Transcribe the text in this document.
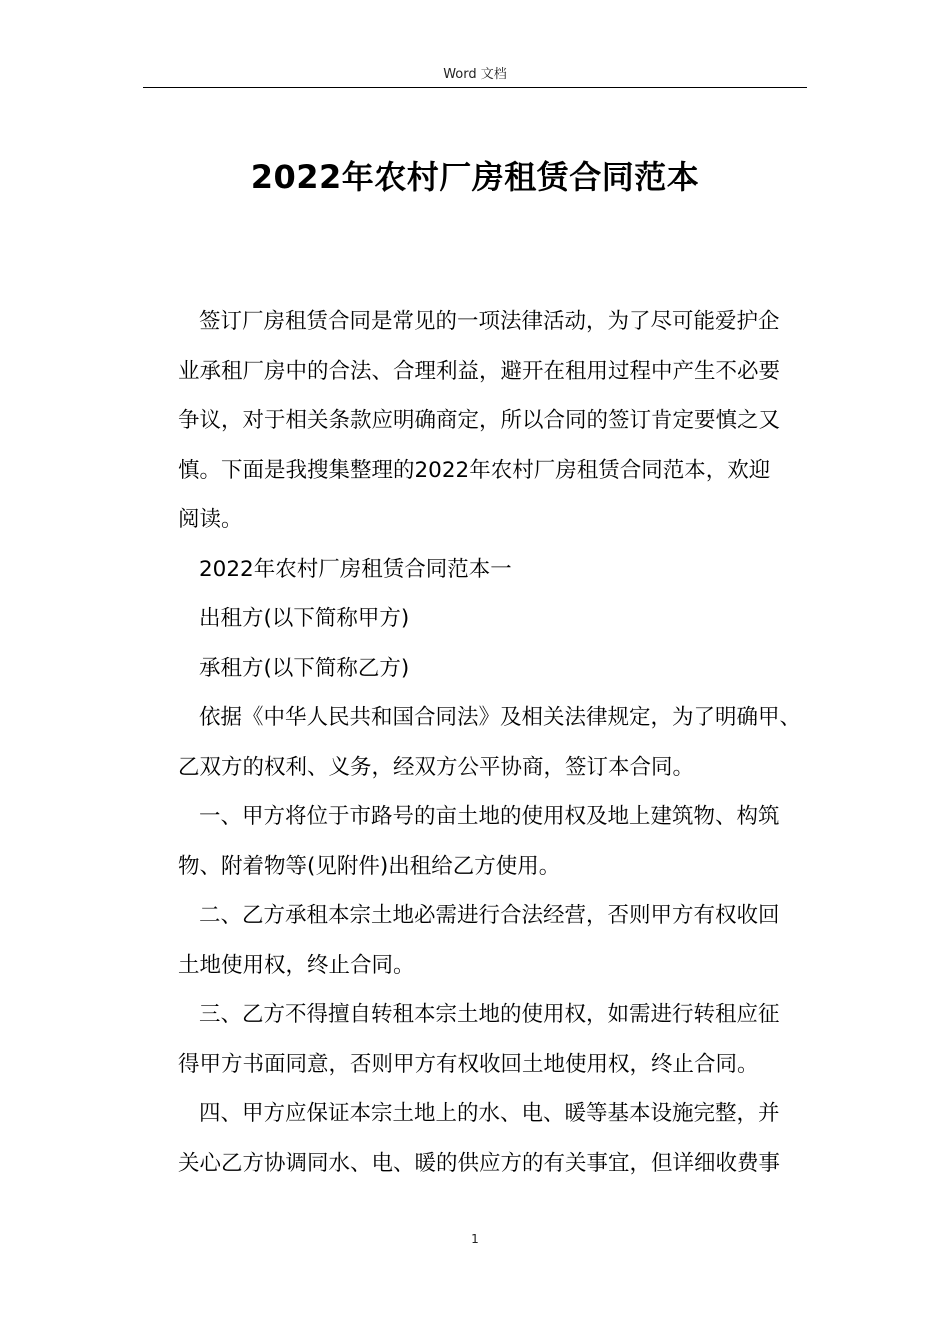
Word 文档
2022年农村厂房租赁合同范本
签订厂房租赁合同是常见的一项法律活动，为了尽可能爱护企
业承租厂房中的合法、合理利益，避开在租用过程中产生不必要
争议，对于相关条款应明确商定，所以合同的签订肯定要慎之又
慎。下面是我搜集整理的2022年农村厂房租赁合同范本，欢迎
阅读。
2022年农村厂房租赁合同范本一
出租方(以下简称甲方)
承租方(以下简称乙方)
依据《中华人民共和国合同法》及相关法律规定，为了明确甲、
乙双方的权利、义务，经双方公平协商，签订本合同。
一、甲方将位于市路号的亩土地的使用权及地上建筑物、构筑
物、附着物等(见附件)出租给乙方使用。
二、乙方承租本宗土地必需进行合法经营，否则甲方有权收回
土地使用权，终止合同。
三、乙方不得擅自转租本宗土地的使用权，如需进行转租应征
得甲方书面同意，否则甲方有权收回土地使用权，终止合同。
四、甲方应保证本宗土地上的水、电、暖等基本设施完整，并
关心乙方协调同水、电、暖的供应方的有关事宜，但详细收费事
1
